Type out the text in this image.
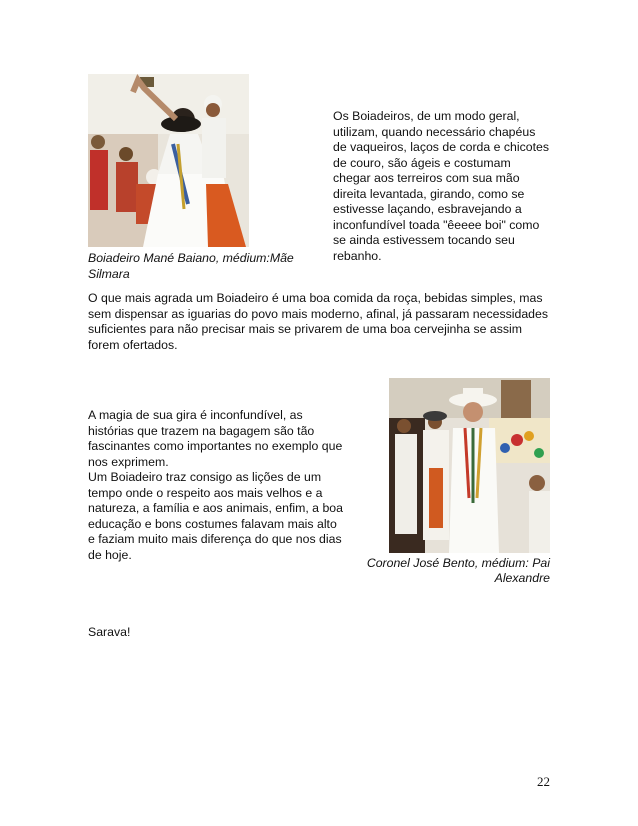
Boiadeiro Mané Baiano, médium:Mãe Silmara
Os Boiadeiros, de um modo geral, utilizam, quando necessário chapéus de vaqueiros, laços de corda e chicotes de couro, são ágeis e costumam chegar aos terreiros com sua mão direita levantada, girando, como se estivesse laçando, esbravejando a inconfundível toada "êeeee boi" como se ainda estivessem tocando seu rebanho.
O que mais agrada um Boiadeiro é uma boa comida da roça, bebidas simples, mas sem dispensar as iguarias do povo mais moderno, afinal, já passaram necessidades suficientes para não precisar mais se privarem de uma boa cervejinha se assim forem ofertados.
A magia de sua gira é inconfundível, as histórias que trazem na bagagem são tão fascinantes como importantes no exemplo que nos exprimem.
Um Boiadeiro traz consigo as lições de um tempo onde o respeito aos mais velhos e a natureza, a família e aos animais, enfim, a boa educação e bons costumes falavam mais alto e faziam muito mais diferença do que nos dias de hoje.
Coronel José Bento, médium: Pai
Alexandre
Sarava!
22
